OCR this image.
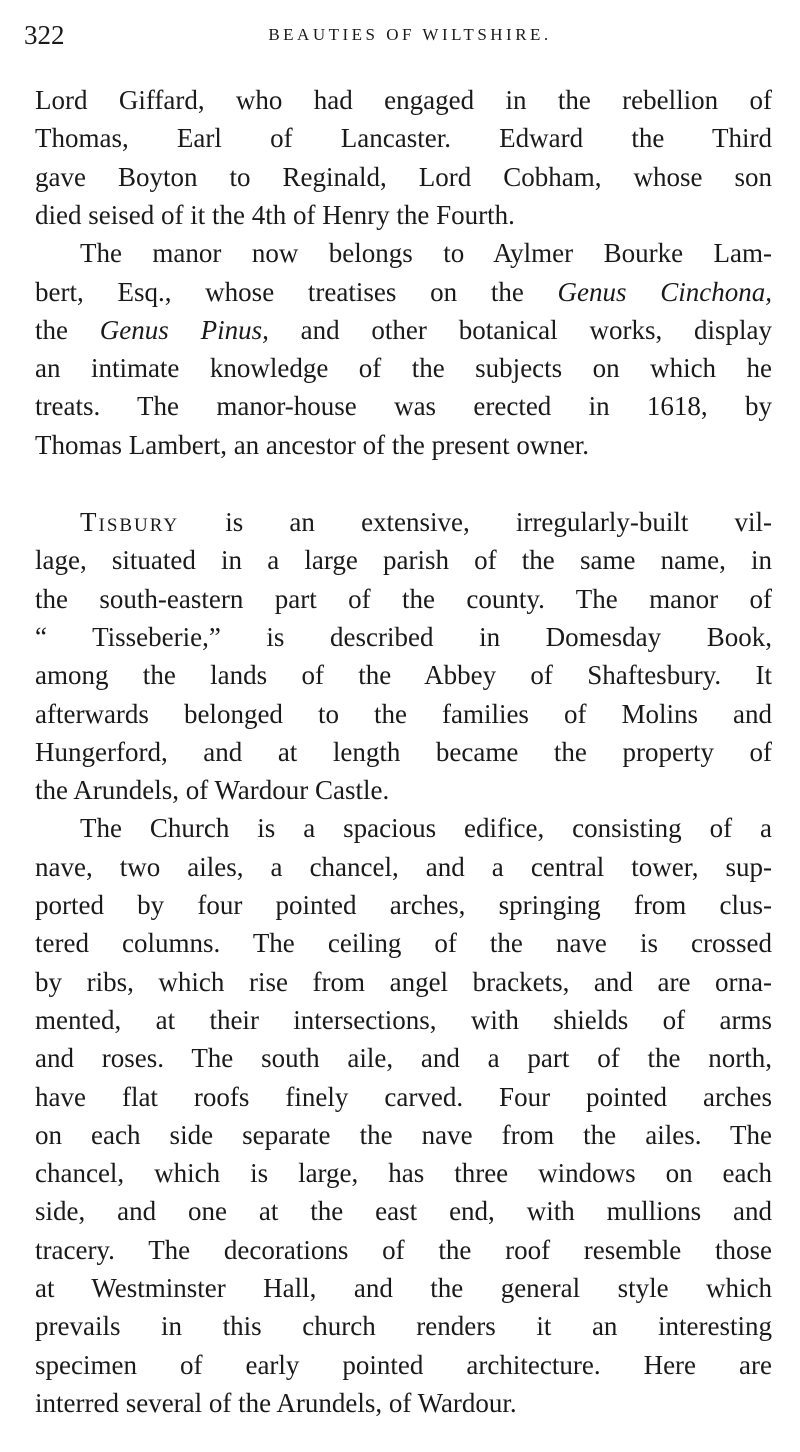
322	BEAUTIES OF WILTSHIRE.
Lord Giffard, who had engaged in the rebellion of
Thomas, Earl of Lancaster. Edward the Third
gave Boyton to Reginald, Lord Cobham, whose son
died seised of it the 4th of Henry the Fourth.
The manor now belongs to Aylmer Bourke Lam-
bert, Esq., whose treatises on the Genus Cinchona,
the Genus Pinus, and other botanical works, display
an intimate knowledge of the subjects on which he
treats. The manor-house was erected in 1618, by
Thomas Lambert, an ancestor of the present owner.
Tisbury is an extensive, irregularly-built vil-
lage, situated in a large parish of the same name, in
the south-eastern part of the county. The manor of
“ Tisseberie,” is described in Domesday Book,
among the lands of the Abbey of Shaftesbury. It
afterwards belonged to the families of Molins and
Hungerford, and at length became the property of
the Arundels, of Wardour Castle.
The Church is a spacious edifice, consisting of a
nave, two ailes, a chancel, and a central tower, sup-
ported by four pointed arches, springing from clus-
tered columns. The ceiling of the nave is crossed
by ribs, which rise from angel brackets, and are orna-
mented, at their intersections, with shields of arms
and roses. The south aile, and a part of the north,
have flat roofs finely carved. Four pointed arches
on each side separate the nave from the ailes. The
chancel, which is large, has three windows on each
side, and one at the east end, with mullions and
tracery. The decorations of the roof resemble those
at Westminster Hall, and the general style which
prevails in this church renders it an interesting
specimen of early pointed architecture. Here are
interred several of the Arundels, of Wardour.
